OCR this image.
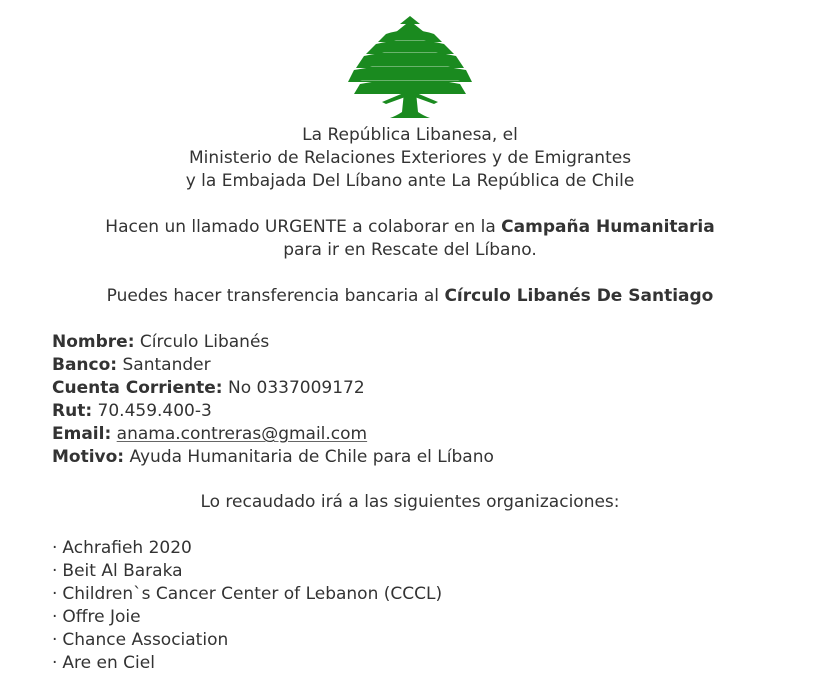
La República Libanesa, el
Ministerio de Relaciones Exteriores y de Emigrantes
y la Embajada Del Líbano ante La República de Chile
Hacen un llamado URGENTE a colaborar en la Campaña Humanitaria
para ir en Rescate del Líbano.
Puedes hacer transferencia bancaria al Círculo Libanés De Santiago
Nombre: Círculo Libanés
Banco: Santander
Cuenta Corriente: No 0337009172
Rut: 70.459.400-3
Email: anama.contreras@gmail.com
Motivo: Ayuda Humanitaria de Chile para el Líbano
Lo recaudado irá a las siguientes organizaciones:
· Achrafieh 2020
· Beit Al Baraka
· Children`s Cancer Center of Lebanon (CCCL)
· Offre Joie
· Chance Association
· Are en Ciel
